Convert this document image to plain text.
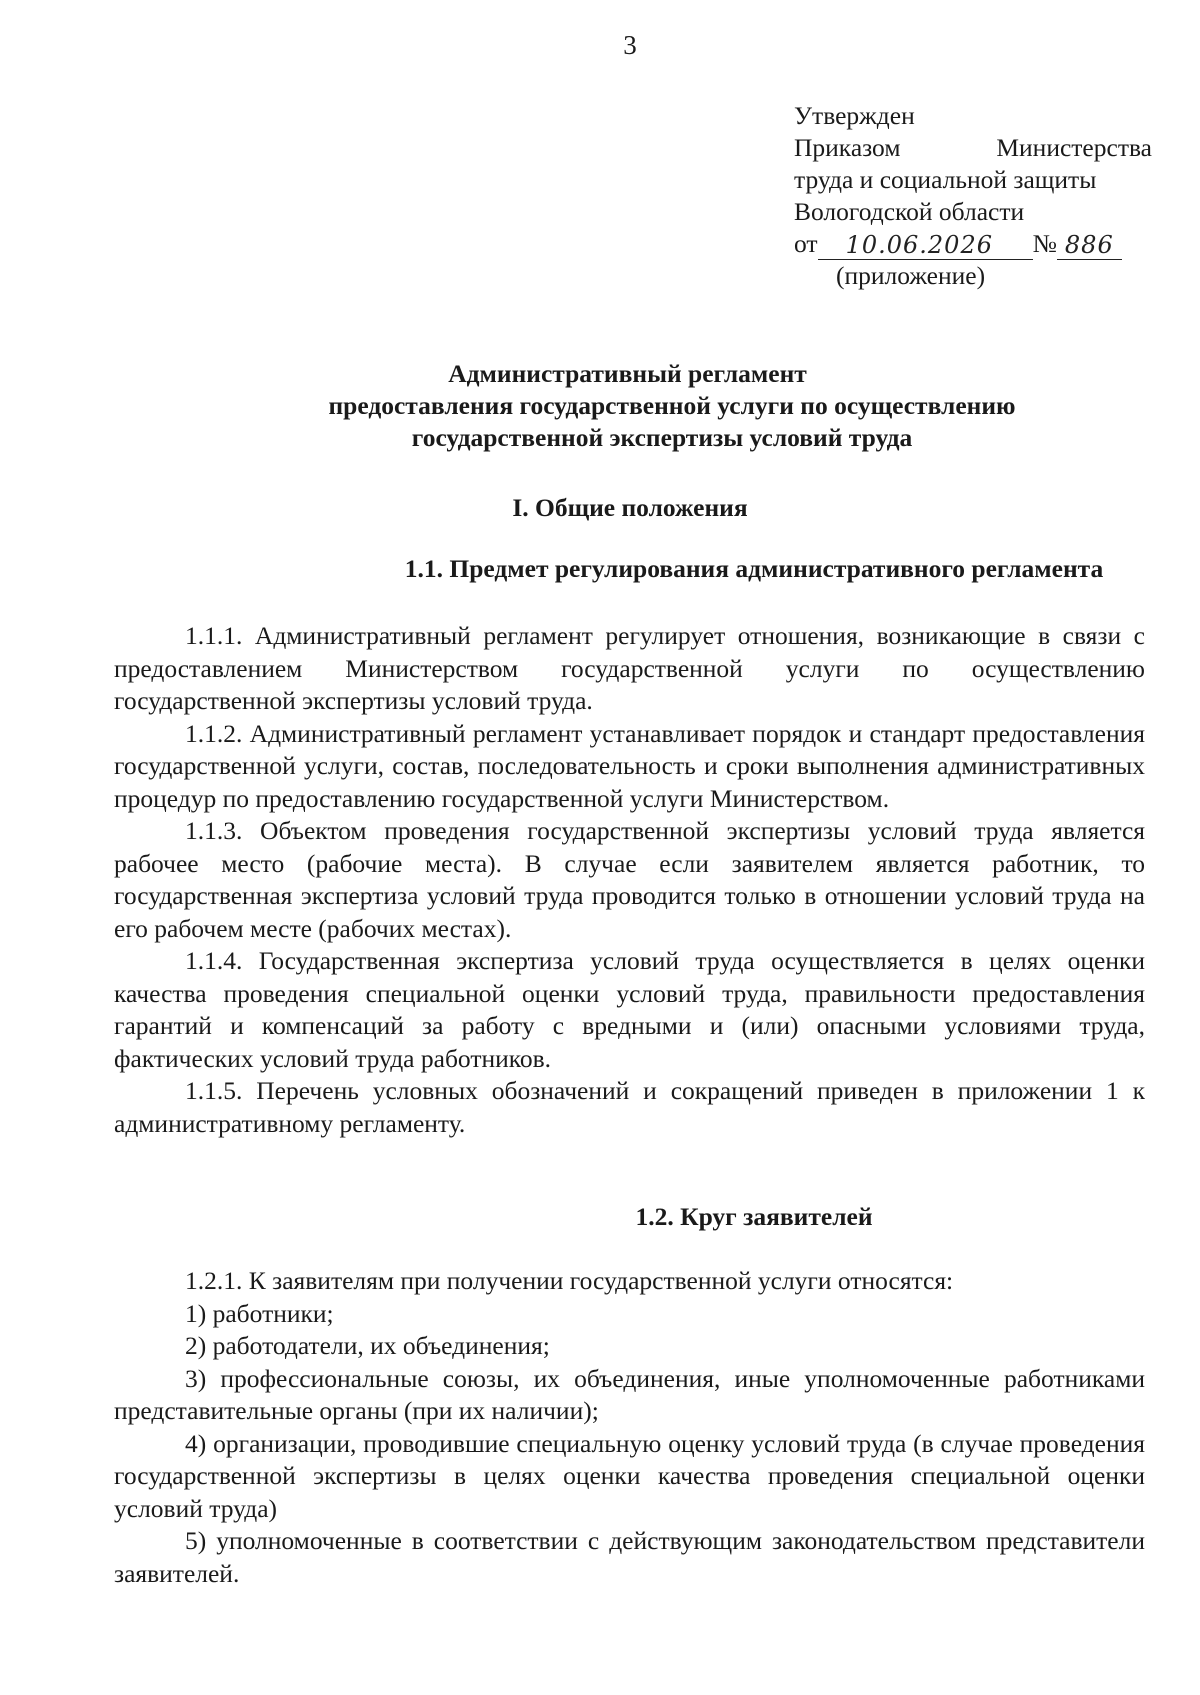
3
Утвержден
Приказом	Министерства
труда и социальной защиты
Вологодской области
от	10.06.2026	№ 886
(приложение)
Административный регламент
предоставления государственной услуги по осуществлению
государственной экспертизы условий труда
I. Общие положения
1.1. Предмет регулирования административного регламента

1.1.1. Административный регламент регулирует отношения, возникающие в связи с предоставлением Министерством государственной услуги по осуществлению государственной экспертизы условий труда.

1.1.2. Административный регламент устанавливает порядок и стандарт предоставления государственной услуги, состав, последовательность и сроки выполнения административных процедур по предоставлению государственной услуги Министерством.

1.1.3. Объектом проведения государственной экспертизы условий труда является рабочее место (рабочие места). В случае если заявителем является работник, то государственная экспертиза условий труда проводится только в отношении условий труда на его рабочем месте (рабочих местах).

1.1.4. Государственная экспертиза условий труда осуществляется в целях оценки качества проведения специальной оценки условий труда, правильности предоставления гарантий и компенсаций за работу с вредными и (или) опасными условиями труда, фактических условий труда работников.

1.1.5. Перечень условных обозначений и сокращений приведен в приложении 1 к административному регламенту.

1.2. Круг заявителей

1.2.1. К заявителям при получении государственной услуги относятся:

1) работники;

2) работодатели, их объединения;

3) профессиональные союзы, их объединения, иные уполномоченные работниками представительные органы (при их наличии);

4) организации, проводившие специальную оценку условий труда (в случае проведения государственной экспертизы в целях оценки качества проведения специальной оценки условий труда)

5) уполномоченные в соответствии с действующим законодательством представители заявителей.
